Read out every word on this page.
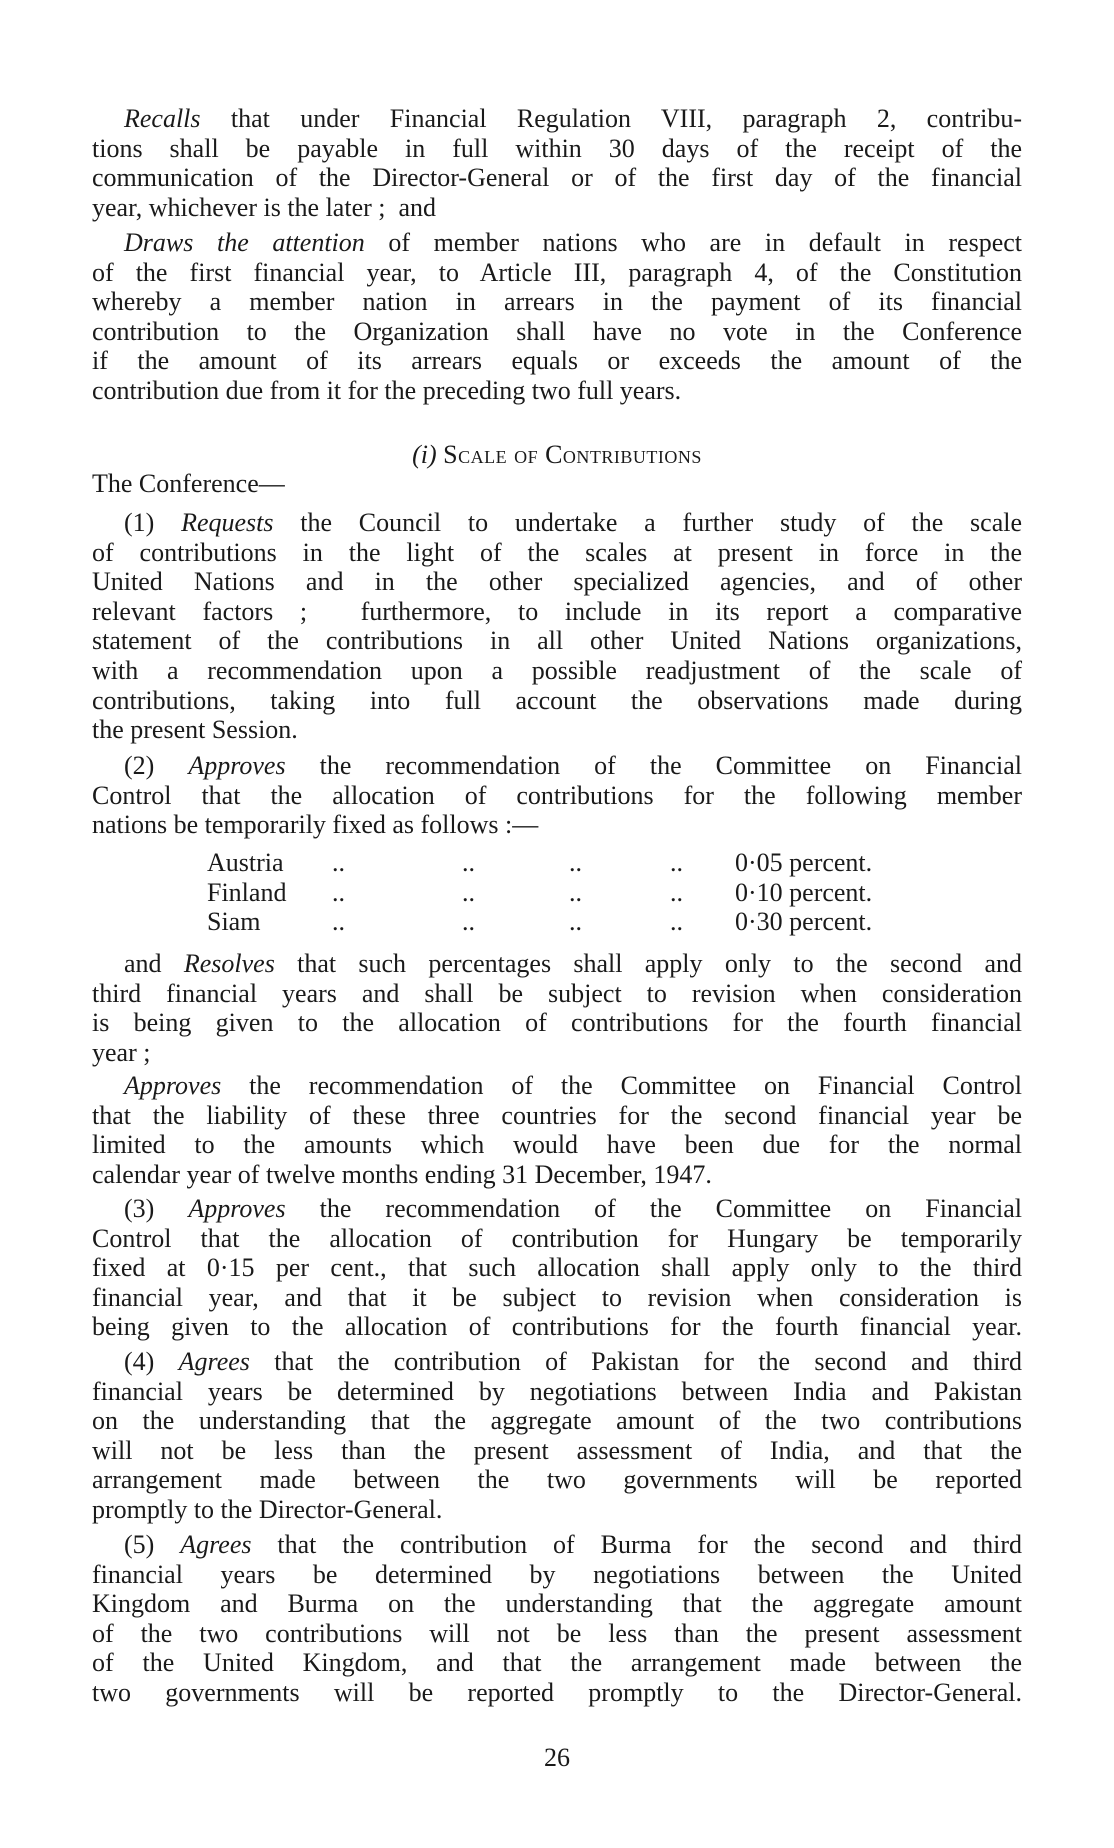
(i) Scale of Contributions
The Conference—
Austria ..	..	..	.. 0·05 percent.
Finland ..	..	..	.. 0·10 percent.
Siam	..	..	..	.. 0·30 percent.
26
Recalls that under Financial Regulation VIII, paragraph 2, contribu-
tions shall be payable in full within 30 days of the receipt of the
communication of the Director-General or of the first day of the financial
year, whichever is the later ;  and
Draws the attention of member nations who are in default in respect
of the first financial year, to Article III, paragraph 4, of the Constitution
whereby a member nation in arrears in the payment of its financial
contribution to the Organization shall have no vote in the Conference
if the amount of its arrears equals or exceeds the amount of the
contribution due from it for the preceding two full years.
(1) Requests the Council to undertake a further study of the scale
of contributions in the light of the scales at present in force in the
United Nations and in the other specialized agencies, and of other
relevant factors ;  furthermore, to include in its report a comparative
statement of the contributions in all other United Nations organizations,
with a recommendation upon a possible readjustment of the scale of
contributions, taking into full account the observations made during
the present Session.
(2) Approves the recommendation of the Committee on Financial
Control that the allocation of contributions for the following member
nations be temporarily fixed as follows :—
and Resolves that such percentages shall apply only to the second and
third financial years and shall be subject to revision when consideration
is being given to the allocation of contributions for the fourth financial
year ;
Approves the recommendation of the Committee on Financial Control
that the liability of these three countries for the second financial year be
limited to the amounts which would have been due for the normal
calendar year of twelve months ending 31 December, 1947.
(3) Approves the recommendation of the Committee on Financial
Control that the allocation of contribution for Hungary be temporarily
fixed at 0·15 per cent., that such allocation shall apply only to the third
financial year, and that it be subject to revision when consideration is
being given to the allocation of contributions for the fourth financial year.
(4) Agrees that the contribution of Pakistan for the second and third
financial years be determined by negotiations between India and Pakistan
on the understanding that the aggregate amount of the two contributions
will not be less than the present assessment of India, and that the
arrangement made between the two governments will be reported
promptly to the Director-General.
(5) Agrees that the contribution of Burma for the second and third
financial years be determined by negotiations between the United
Kingdom and Burma on the understanding that the aggregate amount
of the two contributions will not be less than the present assessment
of the United Kingdom, and that the arrangement made between the
two governments will be reported promptly to the Director-General.
